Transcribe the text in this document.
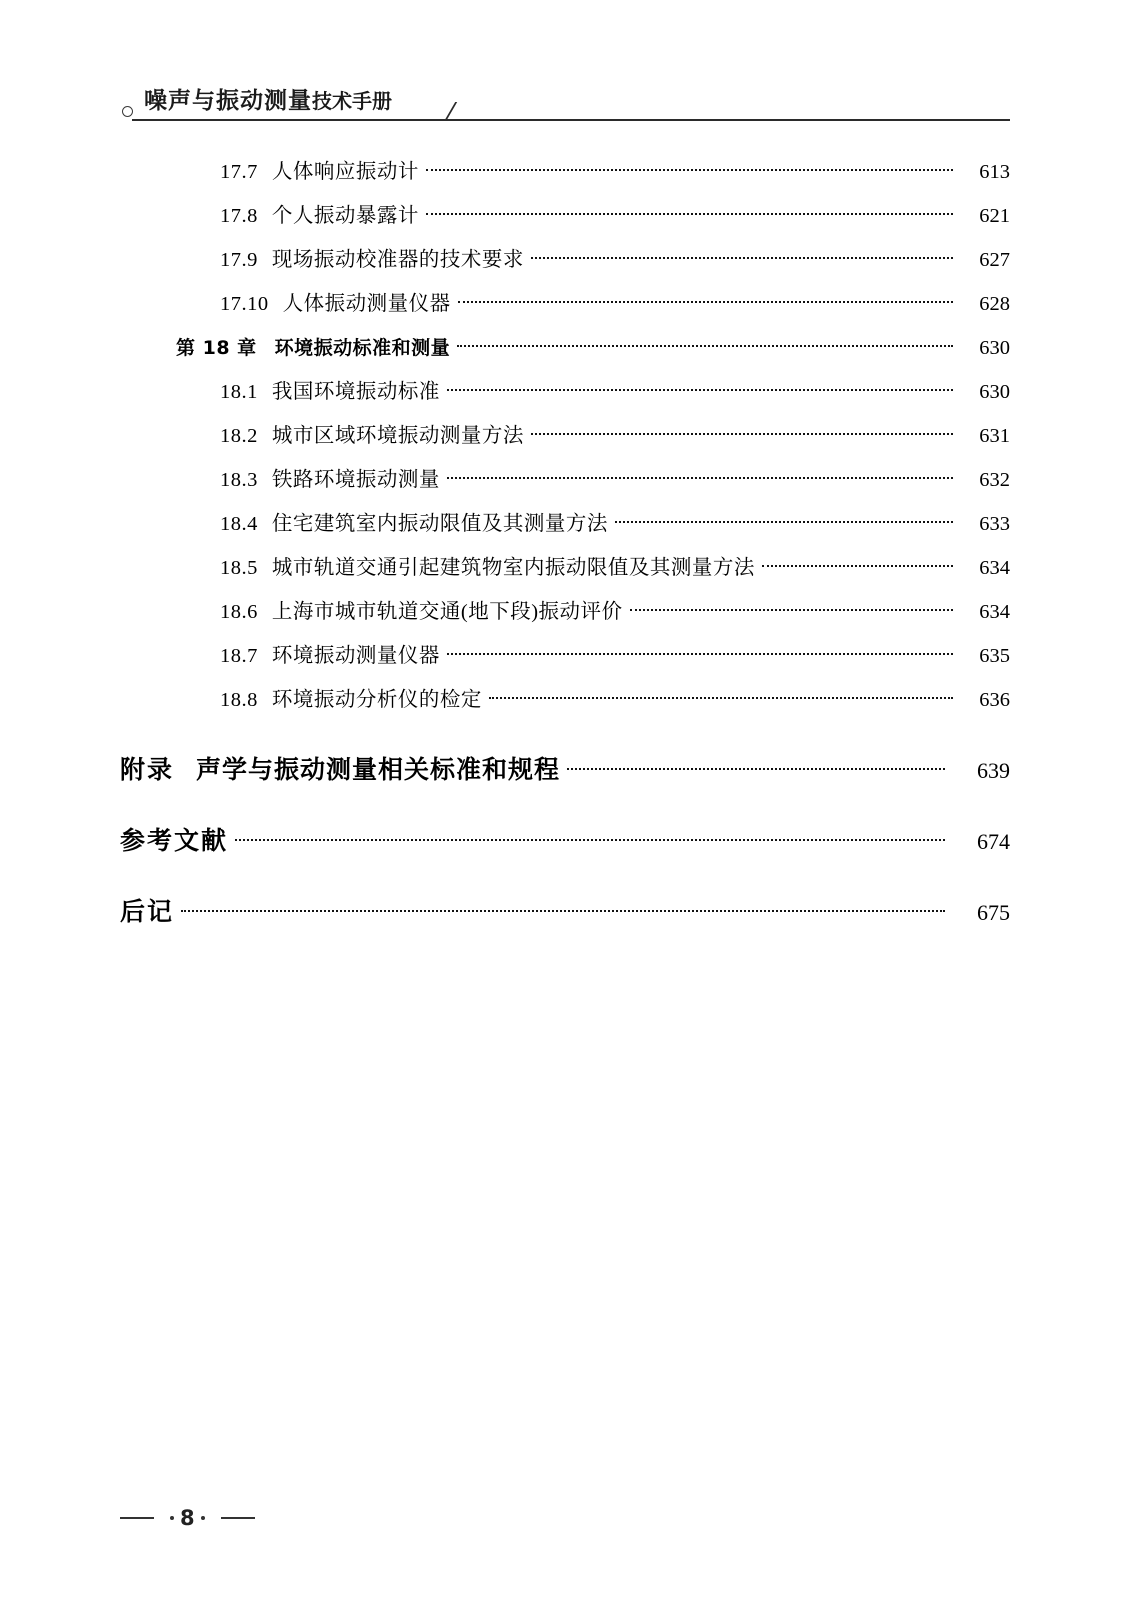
噪声与振动测量技术手册
17.7 人体响应振动计	613
17.8 个人振动暴露计	621
17.9 现场振动校准器的技术要求	627
17.10 人体振动测量仪器	628
第 18 章 环境振动标准和测量	630
18.1 我国环境振动标准	630
18.2 城市区域环境振动测量方法	631
18.3 铁路环境振动测量	632
18.4 住宅建筑室内振动限值及其测量方法	633
18.5 城市轨道交通引起建筑物室内振动限值及其测量方法	634
18.6 上海市城市轨道交通(地下段)振动评价	634
18.7 环境振动测量仪器	635
18.8 环境振动分析仪的检定	636
附录 声学与振动测量相关标准和规程	639
参考文献	674
后记	675
8
